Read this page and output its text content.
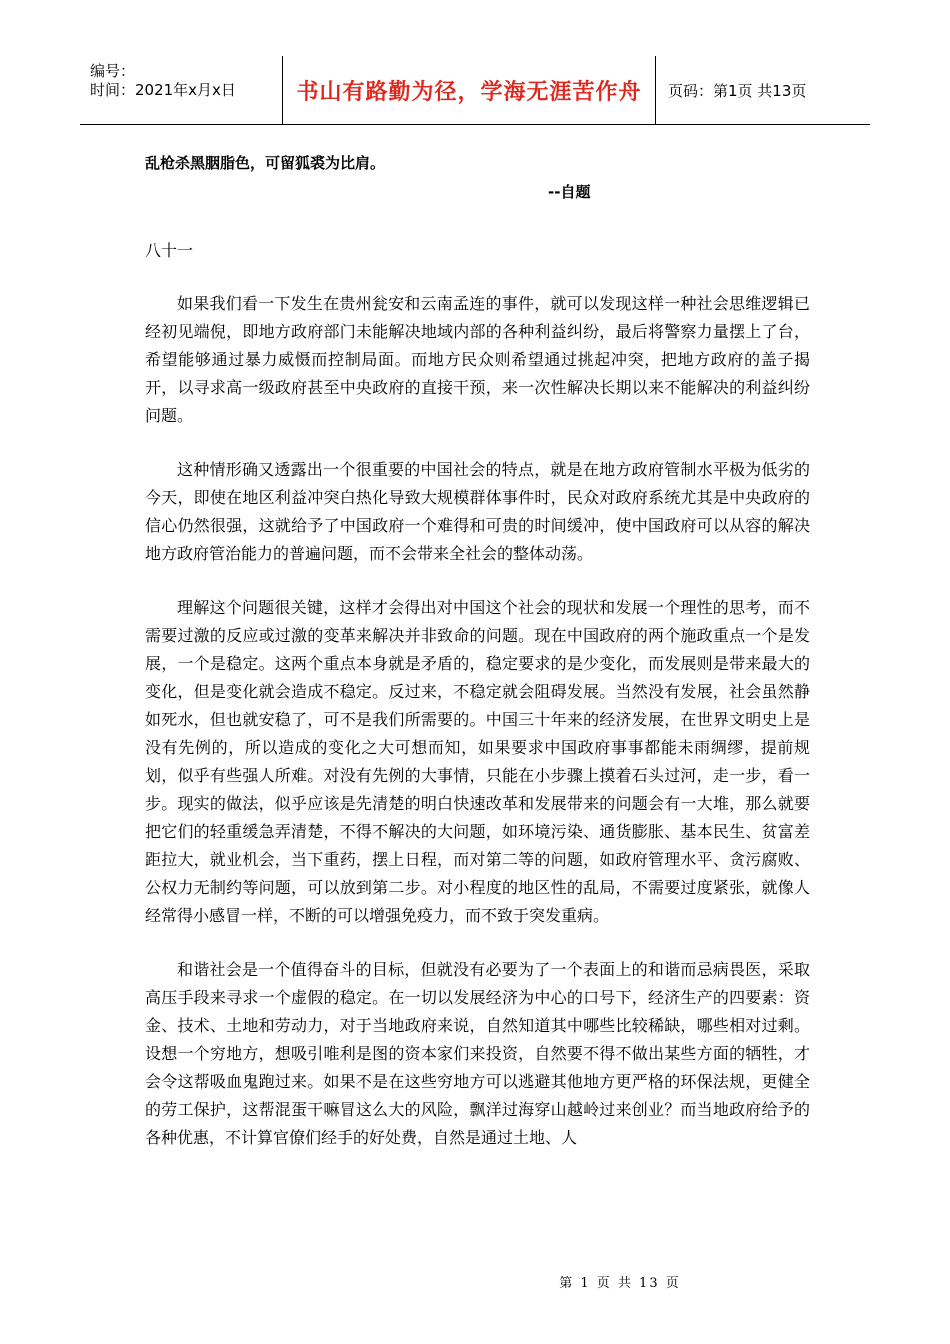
编号：
时间：2021年x月x日	书山有路勤为径，学海无涯苦作舟 页码：第1页 共13页
乱枪杀黑胭脂色，可留狐裘为比肩。
--自题
八十一

如果我们看一下发生在贵州瓮安和云南孟连的事件，就可以发现这样一种社会思维逻辑已经初见端倪，即地方政府部门未能解决地域内部的各种利益纠纷，最后将警察力量摆上了台，希望能够通过暴力威慑而控制局面。而地方民众则希望通过挑起冲突，把地方政府的盖子揭开，以寻求高一级政府甚至中央政府的直接干预，来一次性解决长期以来不能解决的利益纠纷问题。

这种情形确又透露出一个很重要的中国社会的特点，就是在地方政府管制水平极为低劣的今天，即使在地区利益冲突白热化导致大规模群体事件时，民众对政府系统尤其是中央政府的信心仍然很强，这就给予了中国政府一个难得和可贵的时间缓冲，使中国政府可以从容的解决地方政府管治能力的普遍问题，而不会带来全社会的整体动荡。

理解这个问题很关键，这样才会得出对中国这个社会的现状和发展一个理性的思考，而不需要过激的反应或过激的变革来解决并非致命的问题。现在中国政府的两个施政重点一个是发展，一个是稳定。这两个重点本身就是矛盾的，稳定要求的是少变化，而发展则是带来最大的变化，但是变化就会造成不稳定。反过来，不稳定就会阻碍发展。当然没有发展，社会虽然静如死水，但也就安稳了，可不是我们所需要的。中国三十年来的经济发展，在世界文明史上是没有先例的，所以造成的变化之大可想而知，如果要求中国政府事事都能未雨绸缪，提前规划，似乎有些强人所难。对没有先例的大事情，只能在小步骤上摸着石头过河，走一步，看一步。现实的做法，似乎应该是先清楚的明白快速改革和发展带来的问题会有一大堆，那么就要把它们的轻重缓急弄清楚，不得不解决的大问题，如环境污染、通货膨胀、基本民生、贫富差距拉大，就业机会，当下重药，摆上日程，而对第二等的问题，如政府管理水平、贪污腐败、公权力无制约等问题，可以放到第二步。对小程度的地区性的乱局，不需要过度紧张，就像人经常得小感冒一样，不断的可以增强免疫力，而不致于突发重病。

和谐社会是一个值得奋斗的目标，但就没有必要为了一个表面上的和谐而忌病畏医，采取高压手段来寻求一个虚假的稳定。在一切以发展经济为中心的口号下，经济生产的四要素：资金、技术、土地和劳动力，对于当地政府来说，自然知道其中哪些比较稀缺，哪些相对过剩。设想一个穷地方，想吸引唯利是图的资本家们来投资，自然要不得不做出某些方面的牺牲，才会令这帮吸血鬼跑过来。如果不是在这些穷地方可以逃避其他地方更严格的环保法规，更健全的劳工保护，这帮混蛋干嘛冒这么大的风险，飘洋过海穿山越岭过来创业？而当地政府给予的各种优惠，不计算官僚们经手的好处费，自然是通过土地、人

第 1 页 共 13 页
